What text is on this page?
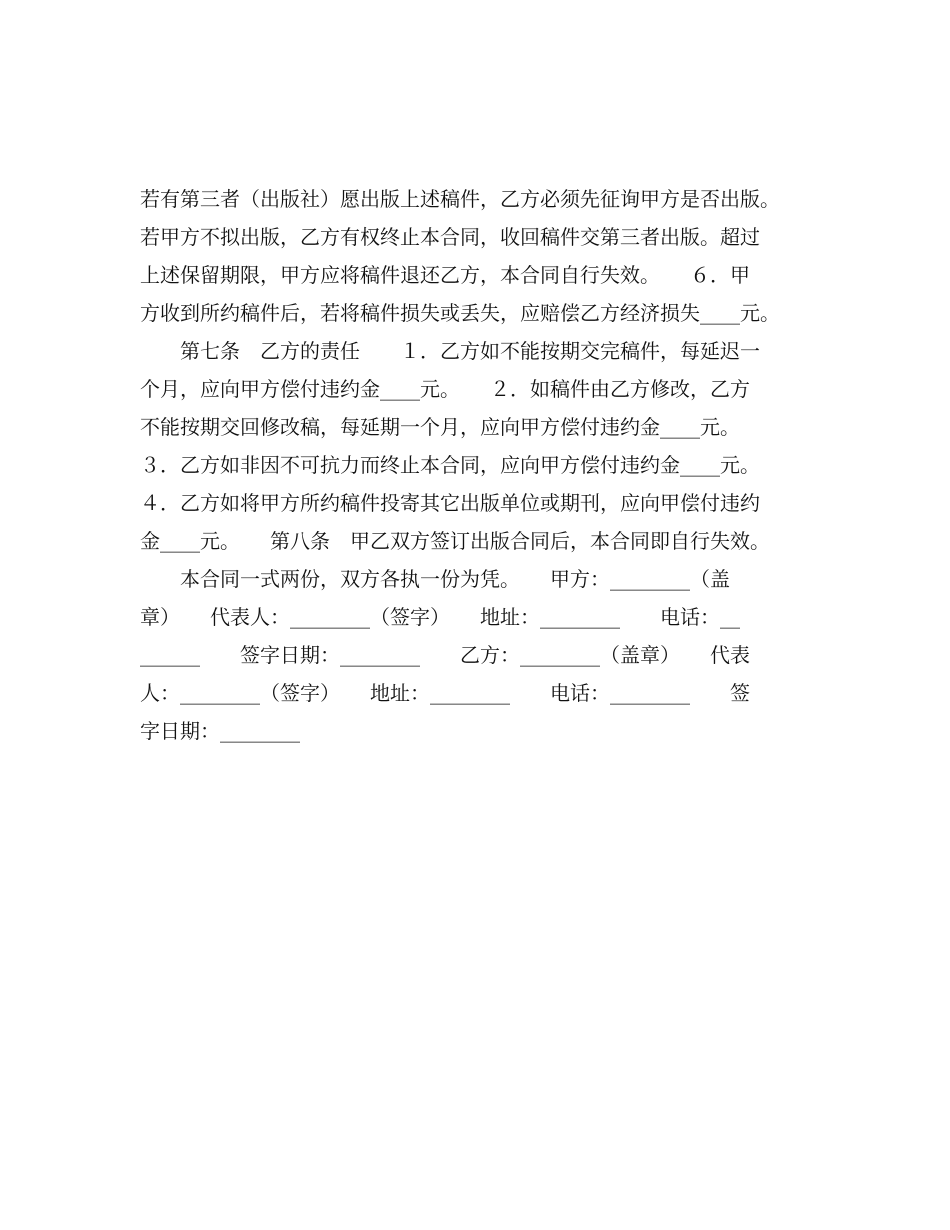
若有第三者（出版社）愿出版上述稿件，乙方必须先征询甲方是否出版。
若甲方不拟出版，乙方有权终止本合同，收回稿件交第三者出版。超过
上述保留期限，甲方应将稿件退还乙方，本合同自行失效。　　６．甲
方收到所约稿件后，若将稿件损失或丢失，应赔偿乙方经济损失____元。
　　第七条　乙方的责任　　１．乙方如不能按期交完稿件，每延迟一
个月，应向甲方偿付违约金____元。　　２．如稿件由乙方修改，乙方
不能按期交回修改稿，每延期一个月，应向甲方偿付违约金____元。
３．乙方如非因不可抗力而终止本合同，应向甲方偿付违约金____元。
４．乙方如将甲方所约稿件投寄其它出版单位或期刊，应向甲偿付违约
金____元。　　第八条　甲乙双方签订出版合同后，本合同即自行失效。
　　本合同一式两份，双方各执一份为凭。　　甲方：________（盖
章）　　代表人：________（签字）　　地址：________　　电话：__
______　　签字日期：________　　乙方：________（盖章）　　代表
人：________（签字）　　地址：________　　电话：________　　签
字日期：________
